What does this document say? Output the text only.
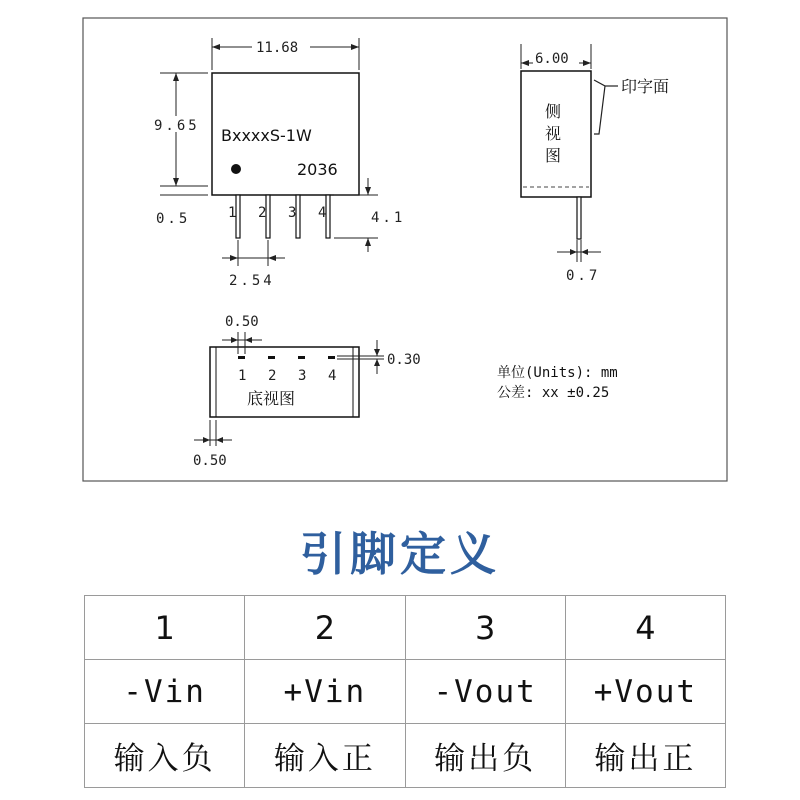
BxxxxS-1W
2036
1 2 3 4
11.68
9.65
0.5	4.1
2.54
侧
视
图
6.00
印字面
0.7
1 2 3 4
底视图
0.50
0.30
0.50
单位(Units): mm
公差: xx ±0.25
引脚定义
1	2	3	4
-Vin	+Vin	-Vout	+Vout
输入负	输入正	输出负	输出正
